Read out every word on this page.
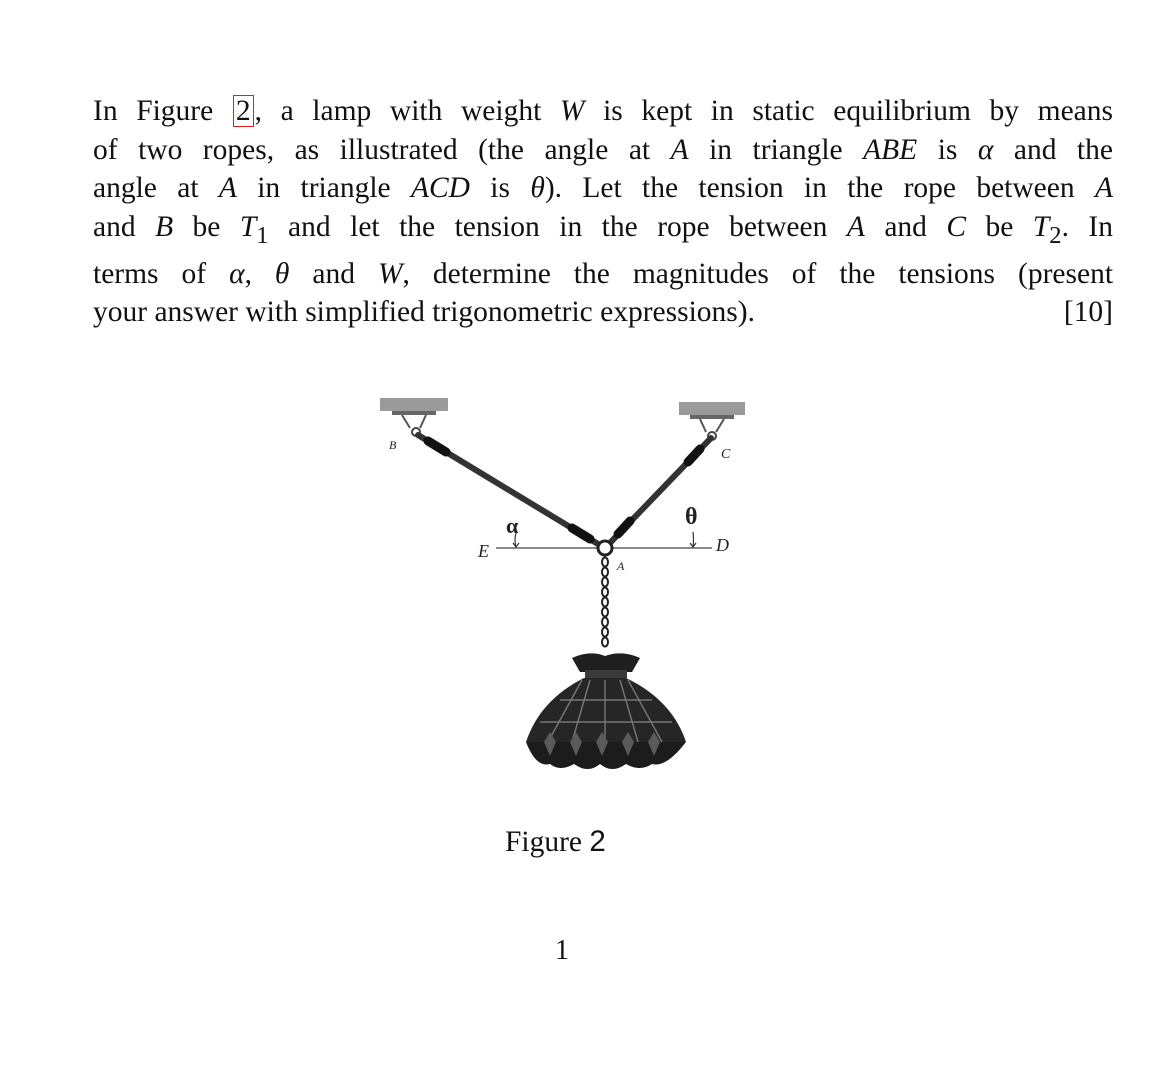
In Figure 2 , a lamp with weight W is kept in static equilibrium by means
of two ropes, as illustrated (the angle at A in triangle ABE is α and the
angle at A in triangle ACD is θ). Let the tension in the rope between A
and B be $T_1$ and let the tension in the rope between A and C be $T_2$. In
terms of α, θ and W, determine the magnitudes of the tensions (present
your answer with simplified trigonometric expressions).	[10]
B
C
E	D
A
α	θ
Figure 2
1
